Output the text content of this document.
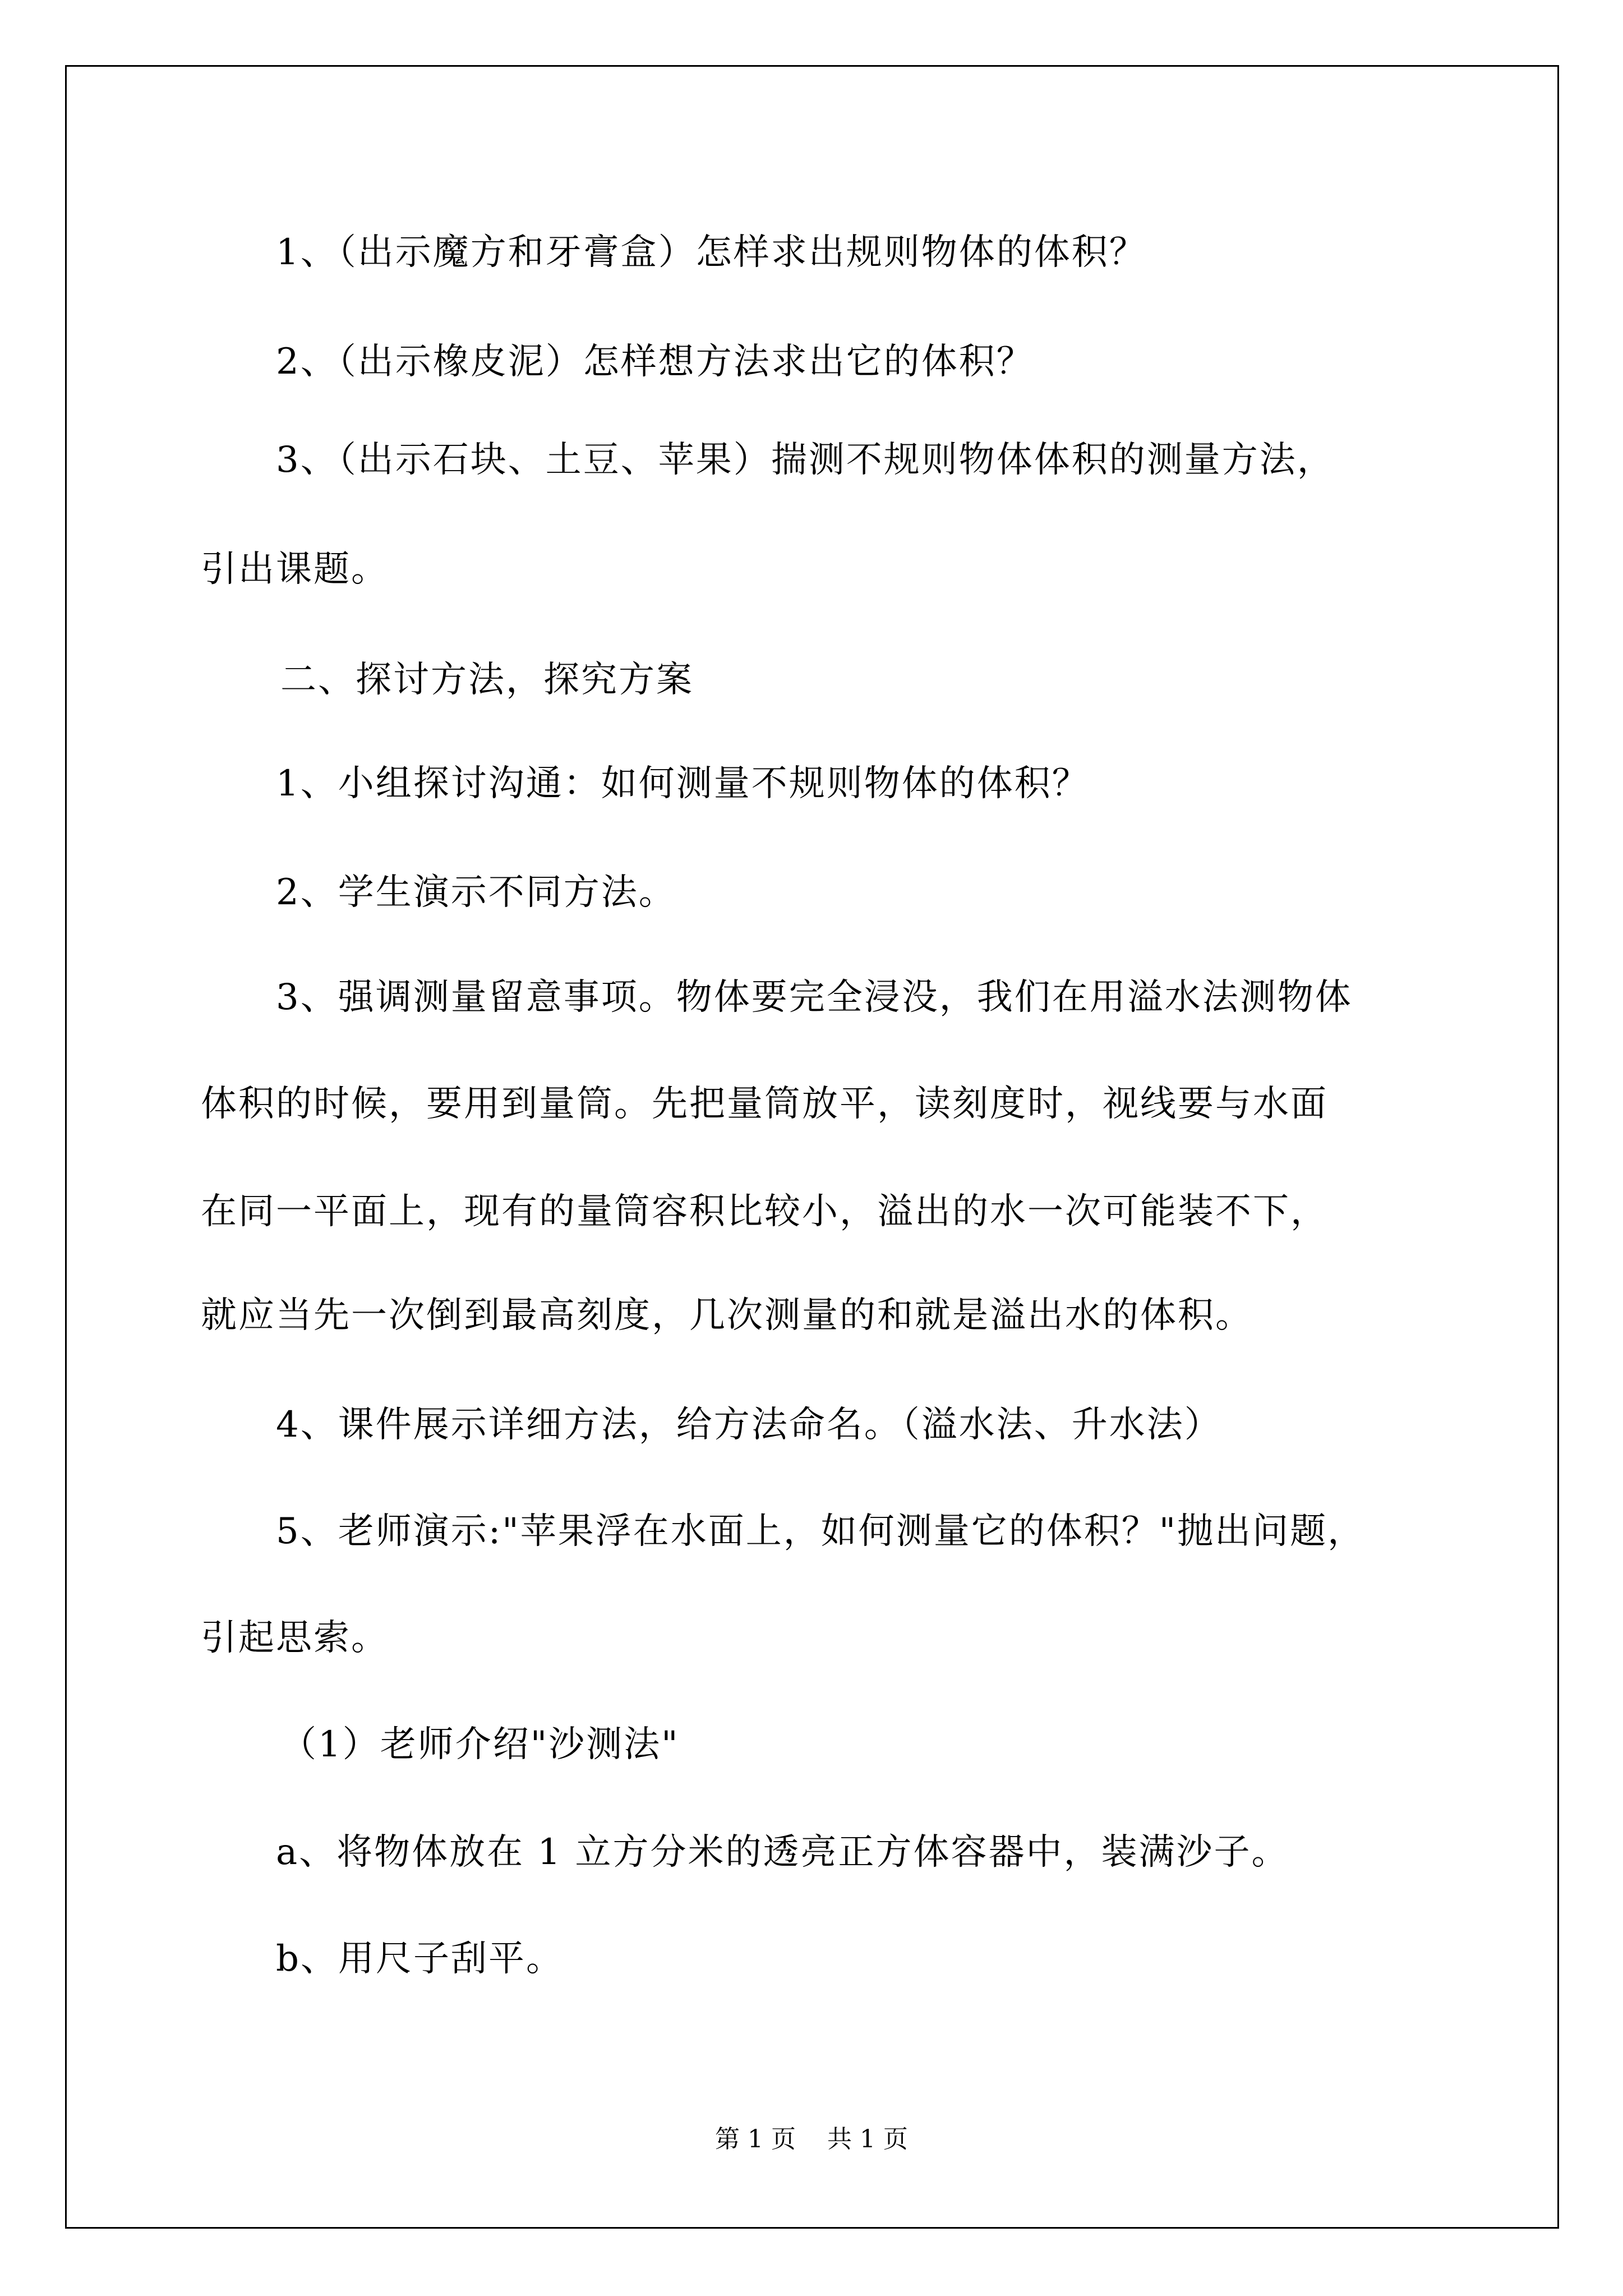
1、（出示魔方和牙膏盒）怎样求出规则物体的体积？
2、（出示橡皮泥）怎样想方法求出它的体积？
3、（出示石块、土豆、苹果）揣测不规则物体体积的测量方法，
引出课题。
二、探讨方法，探究方案
1、小组探讨沟通：如何测量不规则物体的体积？
2、学生演示不同方法。
3、强调测量留意事项。物体要完全浸没，我们在用溢水法测物体
体积的时候，要用到量筒。先把量筒放平，读刻度时，视线要与水面
在同一平面上，现有的量筒容积比较小，溢出的水一次可能装不下，
就应当先一次倒到最高刻度，几次测量的和就是溢出水的体积。
4、课件展示详细方法，给方法命名。（溢水法、升水法）
5、老师演示:"苹果浮在水面上，如何测量它的体积？"抛出问题，
引起思索。
（1）老师介绍"沙测法"
a、将物体放在 1 立方分米的透亮正方体容器中，装满沙子。
b、用尺子刮平。
第 1 页    共 1 页
